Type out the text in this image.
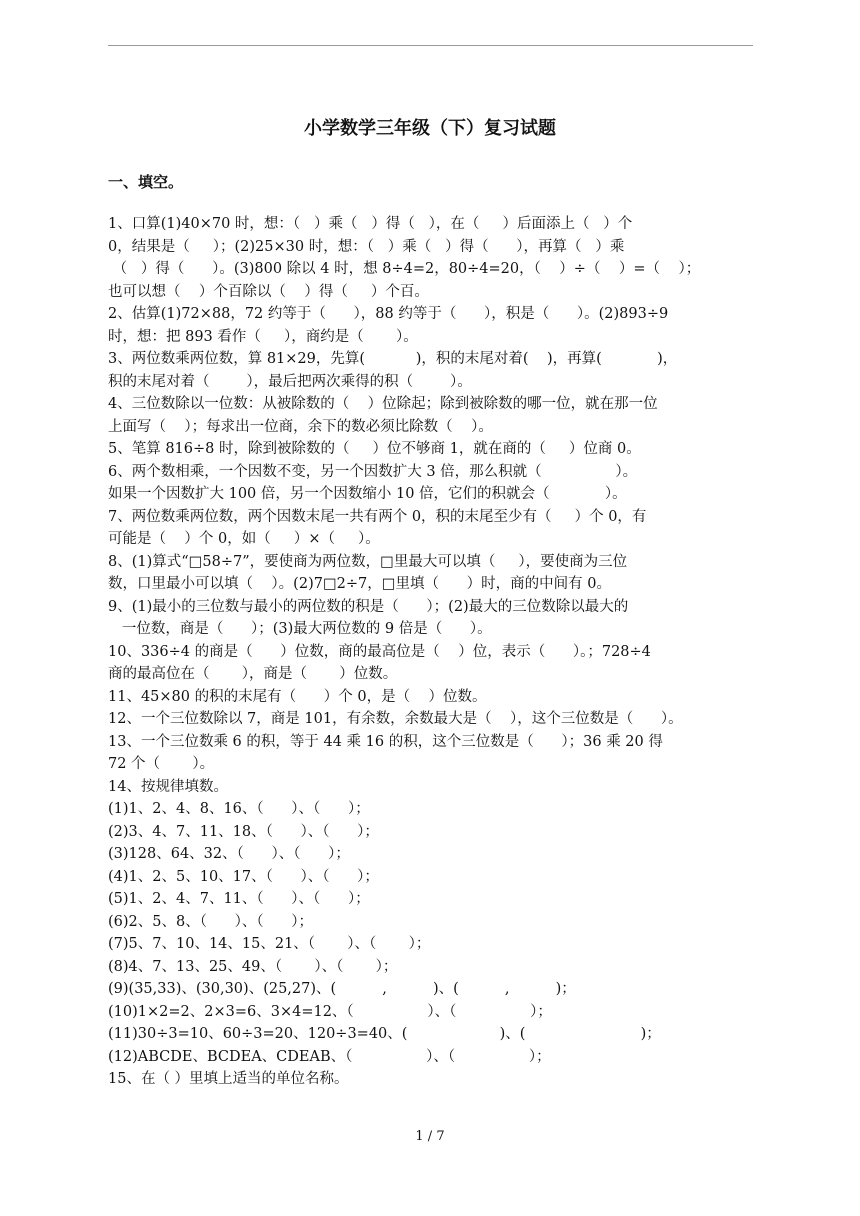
小学数学三年级（下）复习试题
一、填空。
1、口算(1)40×70 时，想：（   ）乘（   ）得（   ），在（     ）后面添上（   ）个
0，结果是（     ）；(2)25×30 时，想：（   ）乘（   ）得（      ），再算（   ）乘
（   ）得（      ）。(3)800 除以 4 时，想 8÷4=2，80÷4=20，（    ）÷（    ）=（    ）；
也可以想（    ）个百除以（    ）得（     ）个百。
2、估算(1)72×88，72 约等于（      ），88 约等于（      ），积是（      ）。(2)893÷9
时，想：把 893 看作（     ），商约是（       ）。
3、两位数乘两位数，算 81×29，先算(           )，积的末尾对着(    )，再算(            )，
积的末尾对着（        ），最后把两次乘得的积（        ）。
4、三位数除以一位数：从被除数的（    ）位除起；除到被除数的哪一位，就在那一位
上面写（    ）；每求出一位商，余下的数必须比除数（    ）。
5、笔算 816÷8 时，除到被除数的（     ）位不够商 1，就在商的（     ）位商 0。
6、两个数相乘，一个因数不变，另一个因数扩大 3 倍，那么积就（                ）。
如果一个因数扩大 100 倍，另一个因数缩小 10 倍，它们的积就会（            ）。
7、两位数乘两位数，两个因数末尾一共有两个 0，积的末尾至少有（     ）个 0，有
可能是（    ）个 0，如（     ）×（     ）。
8、(1)算式“□58÷7”，要使商为两位数，□里最大可以填（     ），要使商为三位
数，口里最小可以填（    ）。(2)7□2÷7，□里填（      ）时，商的中间有 0。
9、(1)最小的三位数与最小的两位数的积是（      ）；(2)最大的三位数除以最大的
一位数，商是（      ）；(3)最大两位数的 9 倍是（      ）。
10、336÷4 的商是（      ）位数，商的最高位是（    ）位，表示（      ）。；728÷4
商的最高位在（       ），商是（       ）位数。
11、45×80 的积的末尾有（      ）个 0，是（    ）位数。
12、一个三位数除以 7，商是 101，有余数，余数最大是（    ），这个三位数是（      ）。
13、一个三位数乘 6 的积，等于 44 乘 16 的积，这个三位数是（      ）；36 乘 20 得
72 个（       ）。
14、按规律填数。
(1)1、2、4、8、16、（      ）、（      ）；
(2)3、4、7、11、18、（      ）、（      ）；
(3)128、64、32、（      ）、（      ）；
(4)1、2、5、10、17、（      ）、（      ）；
(5)1、2、4、7、11、（      ）、（      ）；
(6)2、5、8、（      ）、（      ）；
(7)5、7、10、14、15、21、（       ）、（       ）；
(8)4、7、13、25、49、（       ）、（       ）；
(9)(35,33)、(30,30)、(25,27)、(          ,          )、(          ,          )；
(10)1×2=2、2×3=6、3×4=12、（                ）、（                ）；
(11)30÷3=10、60÷3=20、120÷3=40、(                    )、(                         )；
(12)ABCDE、BCDEA、CDEAB、（                ）、（                ）；
15、在（ ）里填上适当的单位名称。
1 / 7
